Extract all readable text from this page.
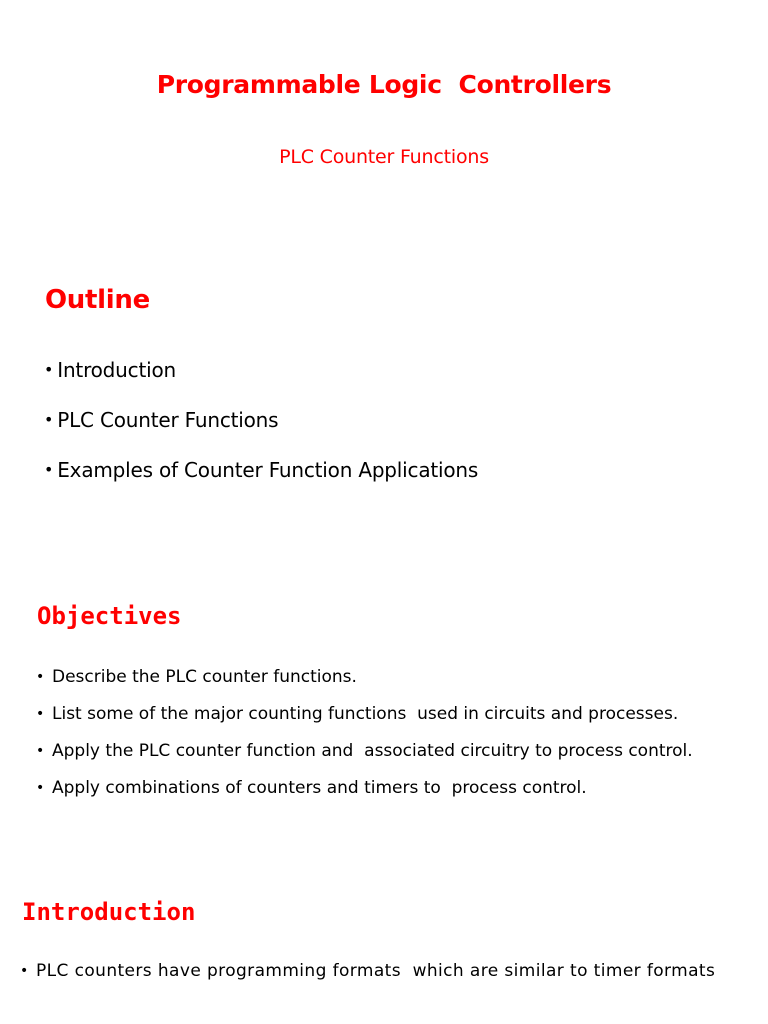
Programmable Logic  Controllers
PLC Counter Functions
Outline
• Introduction
• PLC Counter Functions
• Examples of Counter Function Applications
Objectives
• Describe the PLC counter functions.
• List some of the major counting functions  used in circuits and processes.
• Apply the PLC counter function and  associated circuitry to process control.
• Apply combinations of counters and timers to  process control.
Introduction
• PLC counters have programming formats  which are similar to timer formats
